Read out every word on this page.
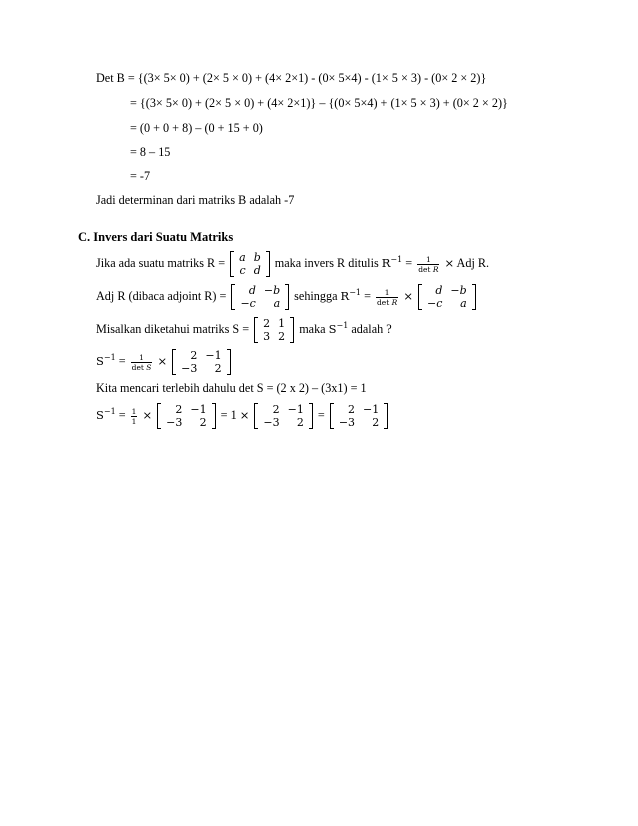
Det B = {(3× 5× 0) + (2× 5 × 0) + (4× 2×1) - (0× 5×4) - (1× 5 × 3) - (0× 2 × 2)}
= {(3× 5× 0) + (2× 5 × 0) + (4× 2×1)} – {(0× 5×4) + (1× 5 × 3) + (0× 2 × 2)}
= (0 + 0 + 8) – (0 + 15 + 0)
= 8 – 15
= -7
Jadi determinan dari matriks B adalah -7
C. Invers dari Suatu Matriks
Jika ada suatu matriks R = a	b
c	d
maka invers R ditulis $R^{-1} = \frac{1}{\text{det R}}$ × Adj R.
Adj R (dibaca adjoint R) = d	−b
−c	a
sehingga $R^{-1} = \frac{1}{\text{det R}} \times d$	−b
−c	a
Misalkan diketahui matriks S = 2	1
3	2
maka $S^{-1}$ adalah ?
$S^{-1} = \frac{1}{\text{det S}} \times 2$	−1
−3	2
Kita mencari terlebih dahulu det S = (2 x 2) – (3x1) = 1
$S^{-1} = \frac{1}{1} \times 2$	−1
−3	2
= 1 × 2	−1
−3	2
= 2	−1
−3	2
